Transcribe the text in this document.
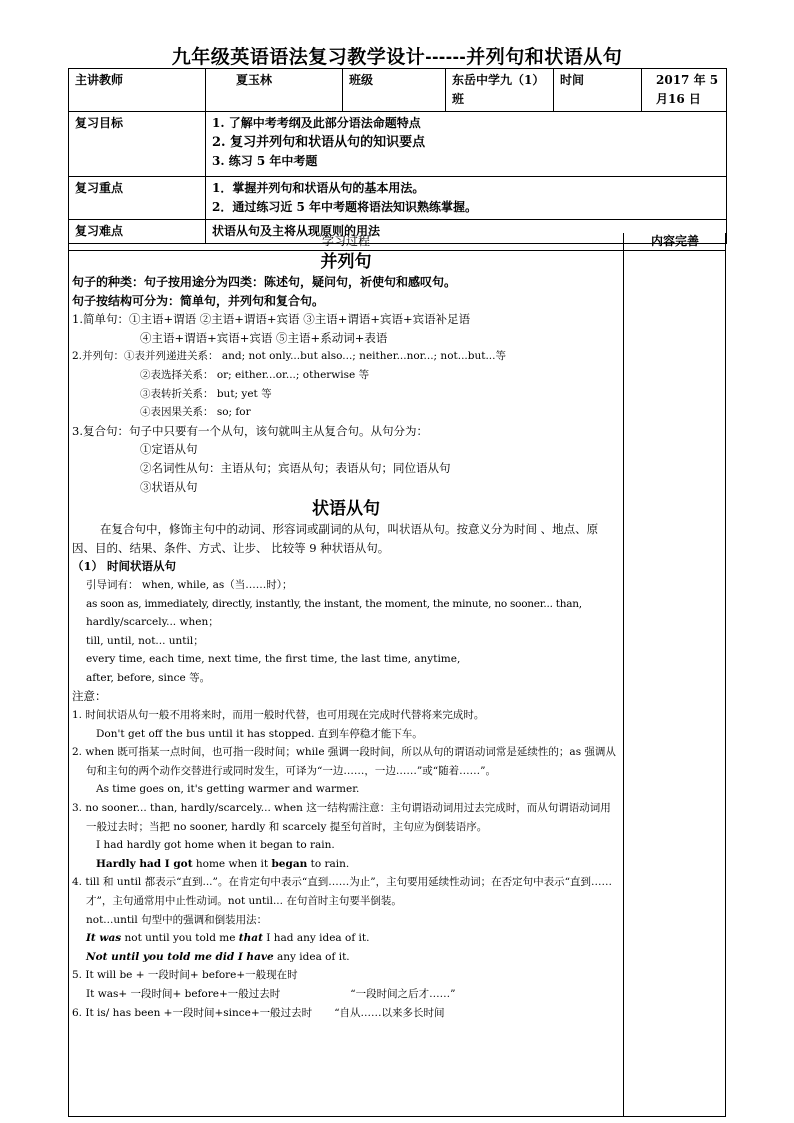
九年级英语语法复习教学设计------并列句和状语从句
主讲教师	夏玉林	班级	东岳中学九（1）班	时间	2017 年 5 月16 日
复习目标	1. 了解中考考纲及此部分语法命题特点
2. 复习并列句和状语从句的知识要点
3. 练习 5 年中考题				

复习重点	1．掌握并列句和状语从句的基本用法。
2．通过练习近 5 年中考题将语法知识熟练掌握。				

复习难点	状语从句及主将从现原则的用法				
学习过程	内容完善

并列句

句子的种类：句子按用途分为四类：陈述句，疑问句，祈使句和感叹句。

句子按结构可分为：简单句，并列句和复合句。

1.简单句：①主语+谓语 ②主语+谓语+宾语 ③主语+谓语+宾语+宾语补足语

④主语+谓语+宾语+宾语 ⑤主语+系动词+表语

2.并列句：①表并列递进关系： and; not only...but also...; neither...nor...; not...but...等

②表选择关系： or; either...or...; otherwise 等

③表转折关系： but; yet 等

④表因果关系： so; for

3.复合句：句子中只要有一个从句，该句就叫主从复合句。从句分为：

①定语从句

②名词性从句：主语从句；宾语从句；表语从句；同位语从句

③状语从句

状语从句

在复合句中，修饰主句中的动词、形容词或副词的从句，叫状语从句。按意义分为时间 、地点、原因、目的、结果、条件、方式、让步、 比较等 9 种状语从句。

（1） 时间状语从句

引导词有： when, while, as（当……时）；

as soon as, immediately, directly, instantly, the instant, the moment, the minute, no sooner... than,

hardly/scarcely... when；

till, until, not... until；

every time, each time, next time, the first time, the last time, anytime,

after, before, since 等。

注意：

1. 时间状语从句一般不用将来时，而用一般时代替，也可用现在完成时代替将来完成时。

Don't get off the bus until it has stopped. 直到车停稳才能下车。

2. when 既可指某一点时间，也可指一段时间；while 强调一段时间，所以从句的谓语动词常是延续性的；as 强调从句和主句的两个动作交替进行或同时发生，可译为“一边……，一边……”或“随着……”。

As time goes on, it's getting warmer and warmer.

3. no sooner... than, hardly/scarcely... when 这一结构需注意：主句谓语动词用过去完成时，而从句谓语动词用一般过去时；当把 no sooner, hardly 和 scarcely 提至句首时，主句应为倒装语序。

I had hardly got home when it began to rain.

Hardly had I got home when it began to rain.

4. till 和 until 都表示“直到...”。在肯定句中表示“直到……为止”，主句要用延续性动词；在否定句中表示“直到……才”，主句通常用中止性动词。not until... 在句首时主句要半倒装。

not...until 句型中的强调和倒装用法：

It was not until you told me that I had any idea of it.

Not until you told me did I have any idea of it.

5. It will be + 一段时间+ before+一般现在时

It was+ 一段时间+ before+一般过去时	“一段时间之后才……”

6. It is/ has been +一段时间+since+一般过去时 “自从……以来多长时间
